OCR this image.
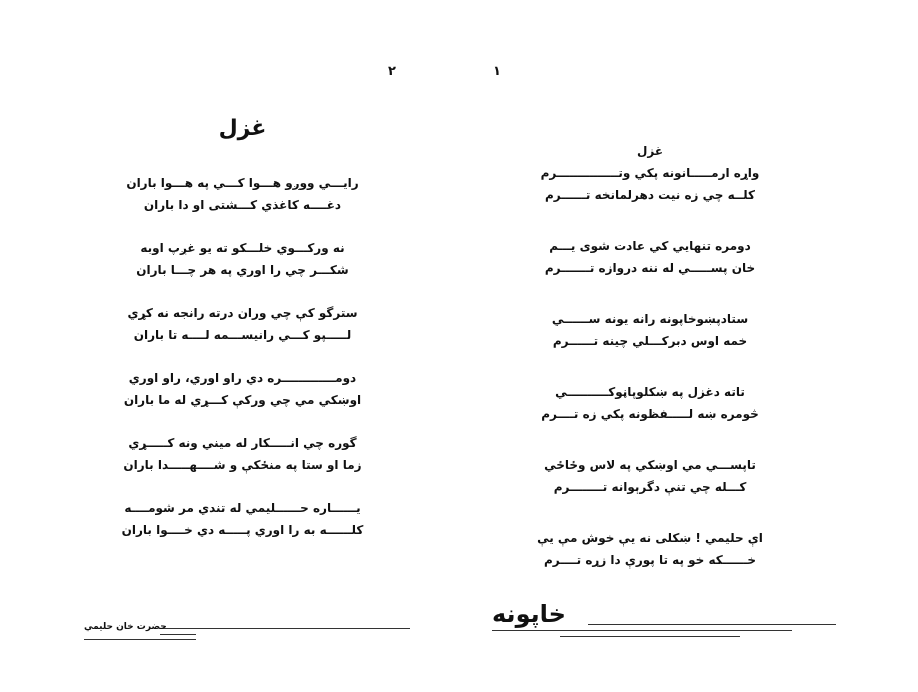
۲	۱
غزل
رايـــي ووږو هـــوا كـــي په هـــوا باران
دغــــه كاغذي كـــشتى او دا باران
نه وركـــوي خلـــكو ته يو غږپ اوبه
شكـــر چي را اوري په هر چـــا باران
سترگو كې چي وران درته رانجه نه كړي
لـــــپو كـــي رانيســـمه لــــه تا باران
دومـــــــــــــره دي راو اوري، راو اوري
اوښكي مي چي وركې كـــړي له ما باران
گوره چي انـــــكار له ميني ونه كـــــړي
زما او ستا په منځكې و شــــهـــــدا باران
يــــــاره حــــــليمي له تندي مر شومــــه
كلــــــه به را اوري پـــــه دي خــــوا باران
غزل
واړه ارمـــــانونه پكي وتـــــــــــــــرم
كلــه چي زه نيت دهرلمانخه تــــــرم
دومره تنهايي كي عادت شوى يـــم
خان پســـــي له ننه دروازه تـــــــرم
ستادپښوخاپونه رانه يونه ســــــي
خمه اوس دبركـــلي چينه تــــــرم
تاته دغزل په ښكلوپاڼوكــــــــــي
څومره ښه لـــــفظونه پكي زه تــــرم
تاپســـي مي اوښكي په لاس وځاځي
كـــله چي تنې دگرېوانه تــــــــرم
اې حليمي ! ښكلى نه يې خوش مې يې
خــــــكه خو په تا پورې دا زړه تــــرم
حضرت خان حليمي	خاپونه
